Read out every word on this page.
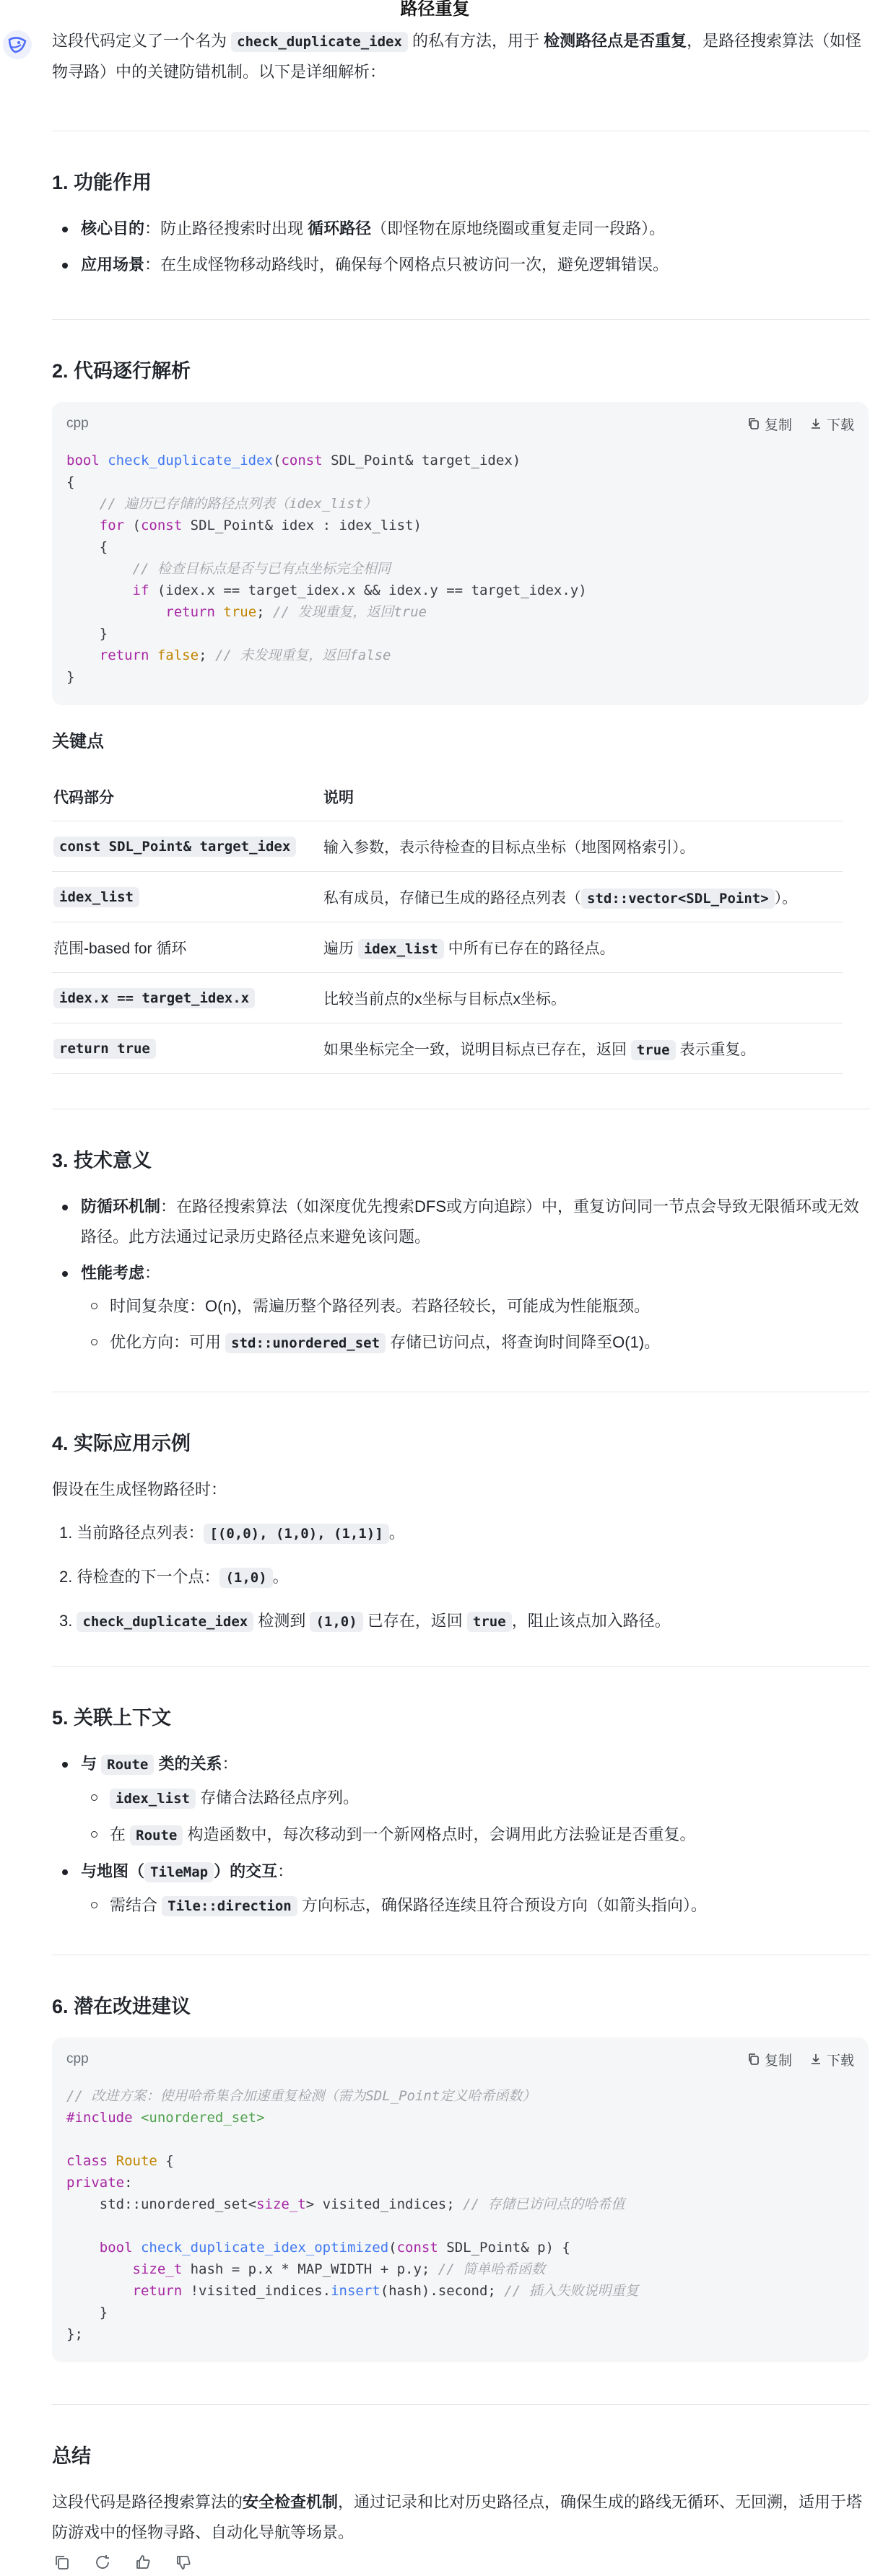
路径重复

这段代码定义了一个名为 check_duplicate_idex 的私有方法，用于 检测路径点是否重复，是路径搜索算法（如怪物寻路）中的关键防错机制。以下是详细解析：

1. 功能作用
核心目的：防止路径搜索时出现 循环路径（即怪物在原地绕圈或重复走同一段路）。
应用场景：在生成怪物移动路线时，确保每个网格点只被访问一次，避免逻辑错误。
2. 代码逐行解析
cpp	复制	下载
bool check_duplicate_idex(const SDL_Point& target_idex)
{
// 遍历已存储的路径点列表（idex_list）
for (const SDL_Point& idex : idex_list)
{
// 检查目标点是否与已有点坐标完全相同
if (idex.x == target_idex.x && idex.y == target_idex.y)
return true; // 发现重复，返回true
}
return false; // 未发现重复，返回false
}
关键点
代码部分	说明
const SDL_Point& target_idex	输入参数，表示待检查的目标点坐标（地图网格索引）。
idex_list	私有成员，存储已生成的路径点列表（ std::vector<SDL_Point> ）。
范围-based for 循环	遍历 idex_list 中所有已存在的路径点。
idex.x == target_idex.x	比较当前点的x坐标与目标点x坐标。
return true	如果坐标完全一致，说明目标点已存在，返回 true 表示重复。
3. 技术意义
防循环机制：在路径搜索算法（如深度优先搜索DFS或方向追踪）中，重复访问同一节点会导致无限循环或无效路径。此方法通过记录历史路径点来避免该问题。
性能考虑：
时间复杂度：O(n)，需遍历整个路径列表。若路径较长，可能成为性能瓶颈。
优化方向：可用 std::unordered_set 存储已访问点，将查询时间降至O(1)。
4. 实际应用示例

假设在生成怪物路径时：

1. 当前路径点列表： [(0,0), (1,0), (1,1)] 。
2. 待检查的下一个点： (1,0) 。
3. check_duplicate_idex 检测到 (1,0) 已存在，返回 true ，阻止该点加入路径。
5. 关联上下文
与 Route 类的关系：
idex_list 存储合法路径点序列。
在 Route 构造函数中，每次移动到一个新网格点时，会调用此方法验证是否重复。
与地图（ TileMap ）的交互：
需结合 Tile::direction 方向标志，确保路径连续且符合预设方向（如箭头指向）。
6. 潜在改进建议
cpp	复制	下载
// 改进方案：使用哈希集合加速重复检测（需为SDL_Point定义哈希函数）
#include <unordered_set>

class Route {
private:
std::unordered_set<size_t> visited_indices; // 存储已访问点的哈希值

bool check_duplicate_idex_optimized(const SDL_Point& p) {
size_t hash = p.x * MAP_WIDTH + p.y; // 简单哈希函数
return !visited_indices.insert(hash).second; // 插入失败说明重复
}
};
总结

这段代码是路径搜索算法的安全检查机制，通过记录和比对历史路径点，确保生成的路线无循环、无回溯，适用于塔防游戏中的怪物寻路、自动化导航等场景。
